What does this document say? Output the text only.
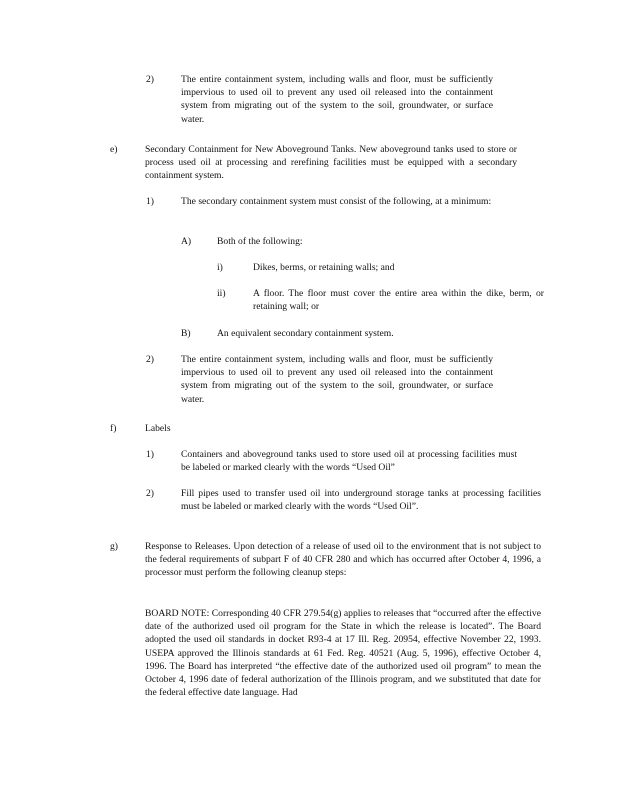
2)	The entire containment system, including walls and floor, must be sufficiently impervious to used oil to prevent any used oil released into the containment system from migrating out of the system to the soil, groundwater, or surface water.

e)	Secondary Containment for New Aboveground Tanks. New aboveground tanks used to store or process used oil at processing and rerefining facilities must be equipped with a secondary containment system.

1)	The secondary containment system must consist of the following, at a minimum:

A)	Both of the following:

i)	Dikes, berms, or retaining walls; and

ii)	A floor. The floor must cover the entire area within the dike, berm, or retaining wall; or

B)	An equivalent secondary containment system.

2)	The entire containment system, including walls and floor, must be sufficiently impervious to used oil to prevent any used oil released into the containment system from migrating out of the system to the soil, groundwater, or surface water.

f)	Labels
1)	Containers and aboveground tanks used to store used oil at processing facilities must be labeled or marked clearly with the words “Used Oil”

2)	Fill pipes used to transfer used oil into underground storage tanks at processing facilities must be labeled or marked clearly with the words “Used Oil”.

g)	Response to Releases. Upon detection of a release of used oil to the environment that is not subject to the federal requirements of subpart F of 40 CFR 280 and which has occurred after October 4, 1996, a processor must perform the following cleanup steps:

BOARD NOTE: Corresponding 40 CFR 279.54(g) applies to releases that “occurred after the effective date of the authorized used oil program for the State in which the release is located”. The Board adopted the used oil standards in docket R93-4 at 17 Ill. Reg. 20954, effective November 22, 1993. USEPA approved the Illinois standards at 61 Fed. Reg. 40521 (Aug. 5, 1996), effective October 4, 1996. The Board has interpreted “the effective date of the authorized used oil program” to mean the October 4, 1996 date of federal authorization of the Illinois program, and we substituted that date for the federal effective date language. Had
